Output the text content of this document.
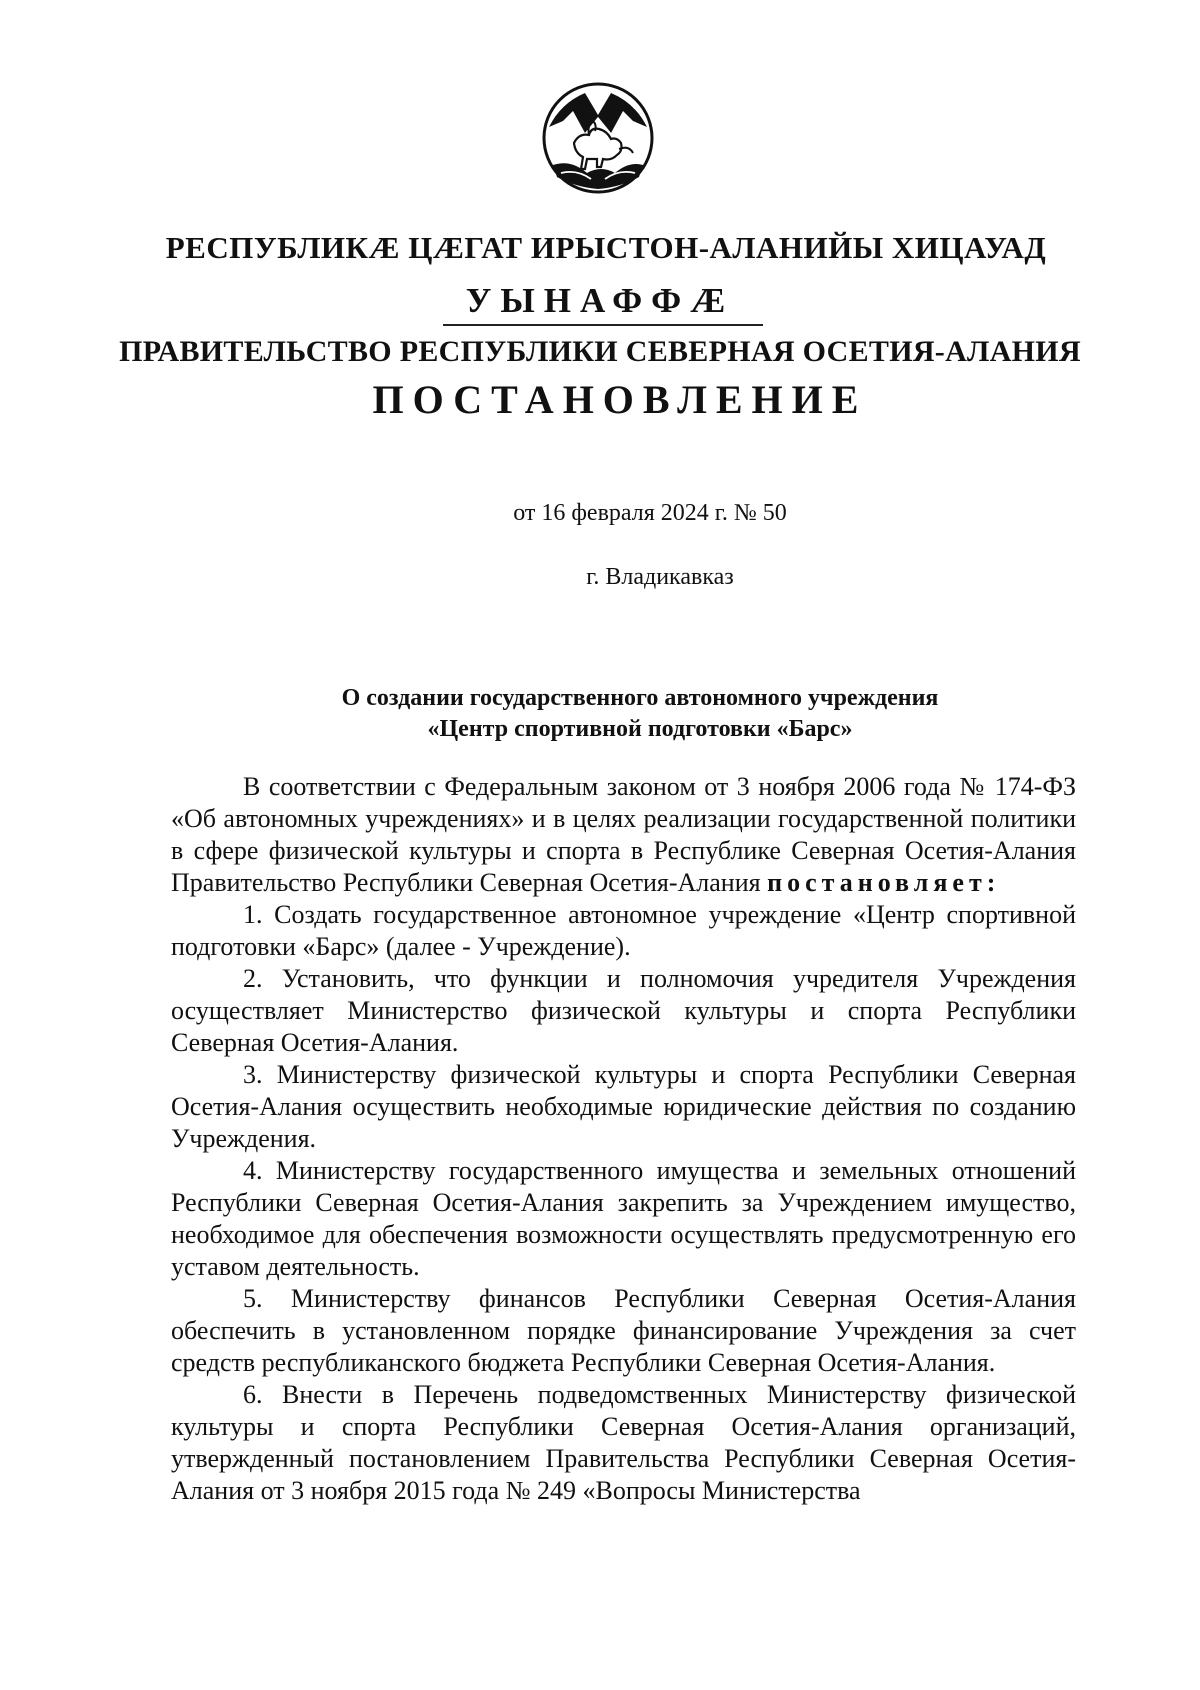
РЕСПУБЛИКÆ ЦÆГАТ ИРЫСТОН-АЛАНИЙЫ ХИЦАУАД
УЫНАФФÆ
ПРАВИТЕЛЬСТВО РЕСПУБЛИКИ СЕВЕРНАЯ ОСЕТИЯ-АЛАНИЯ
ПОСТАНОВЛЕНИЕ

от 16 февраля 2024 г. № 50

г. Владикавказ

О создании государственного автономного учреждения

«Центр спортивной подготовки «Барс»

В соответствии с Федеральным законом от 3 ноября 2006 года № 174-ФЗ «Об автономных учреждениях» и в целях реализации государственной политики в сфере физической культуры и спорта в Республике Северная Осетия-Алания Правительство Республики Северная Осетия-Алания постановляет:

1. Создать государственное автономное учреждение «Центр спортивной подготовки «Барс» (далее - Учреждение).

2. Установить, что функции и полномочия учредителя Учреждения осуществляет Министерство физической культуры и спорта Республики Северная Осетия-Алания.

3. Министерству физической культуры и спорта Республики Северная Осетия-Алания осуществить необходимые юридические действия по созданию Учреждения.

4. Министерству государственного имущества и земельных отношений Республики Северная Осетия-Алания закрепить за Учреждением имущество, необходимое для обеспечения возможности осуществлять предусмотренную его уставом деятельность.

5. Министерству финансов Республики Северная Осетия-Алания обеспечить в установленном порядке финансирование Учреждения за счет средств республиканского бюджета Республики Северная Осетия-Алания.

6. Внести в Перечень подведомственных Министерству физической культуры и спорта Республики Северная Осетия-Алания организаций, утвержденный постановлением Правительства Республики Северная Осетия-Алания от 3 ноября 2015 года № 249 «Вопросы Министерства
